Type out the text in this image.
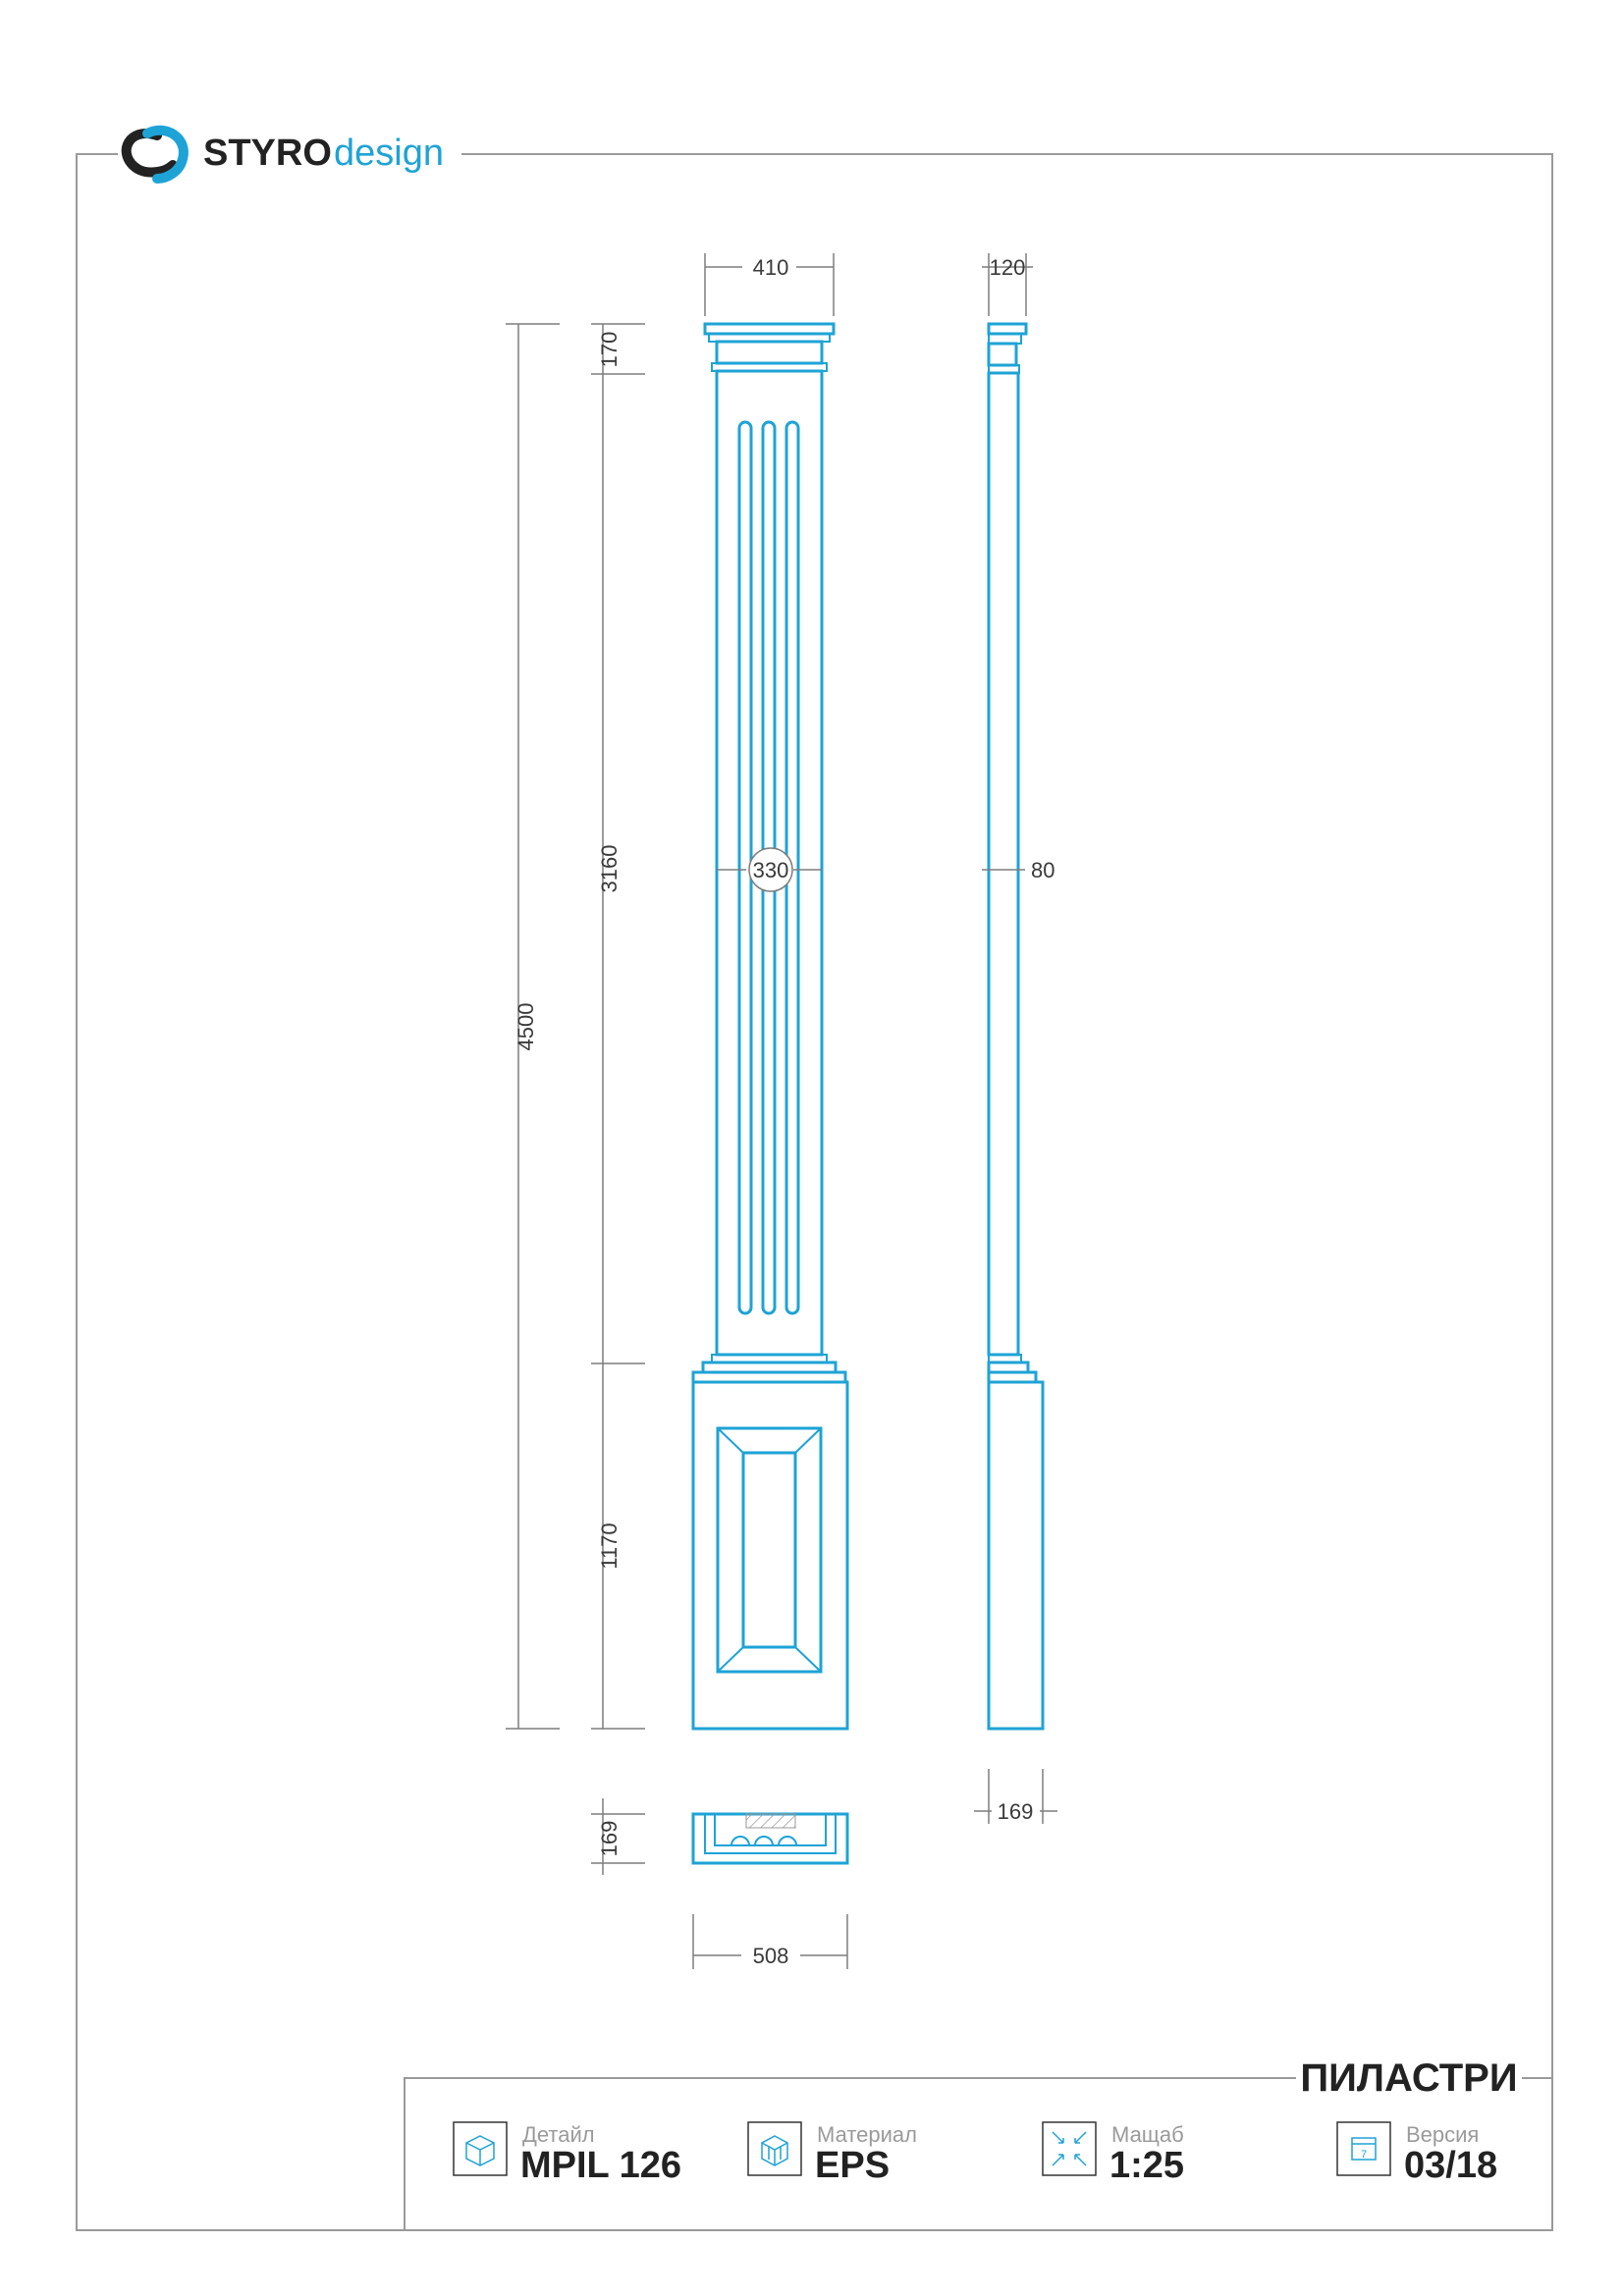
STYRO design
410	120
4500
170
3160
1170
330	80
169
169
508
ПИЛАСТРИ
Детайл
MPIL 126
Материал
EPS
Мащаб
1:25	7
Версия
03/18
